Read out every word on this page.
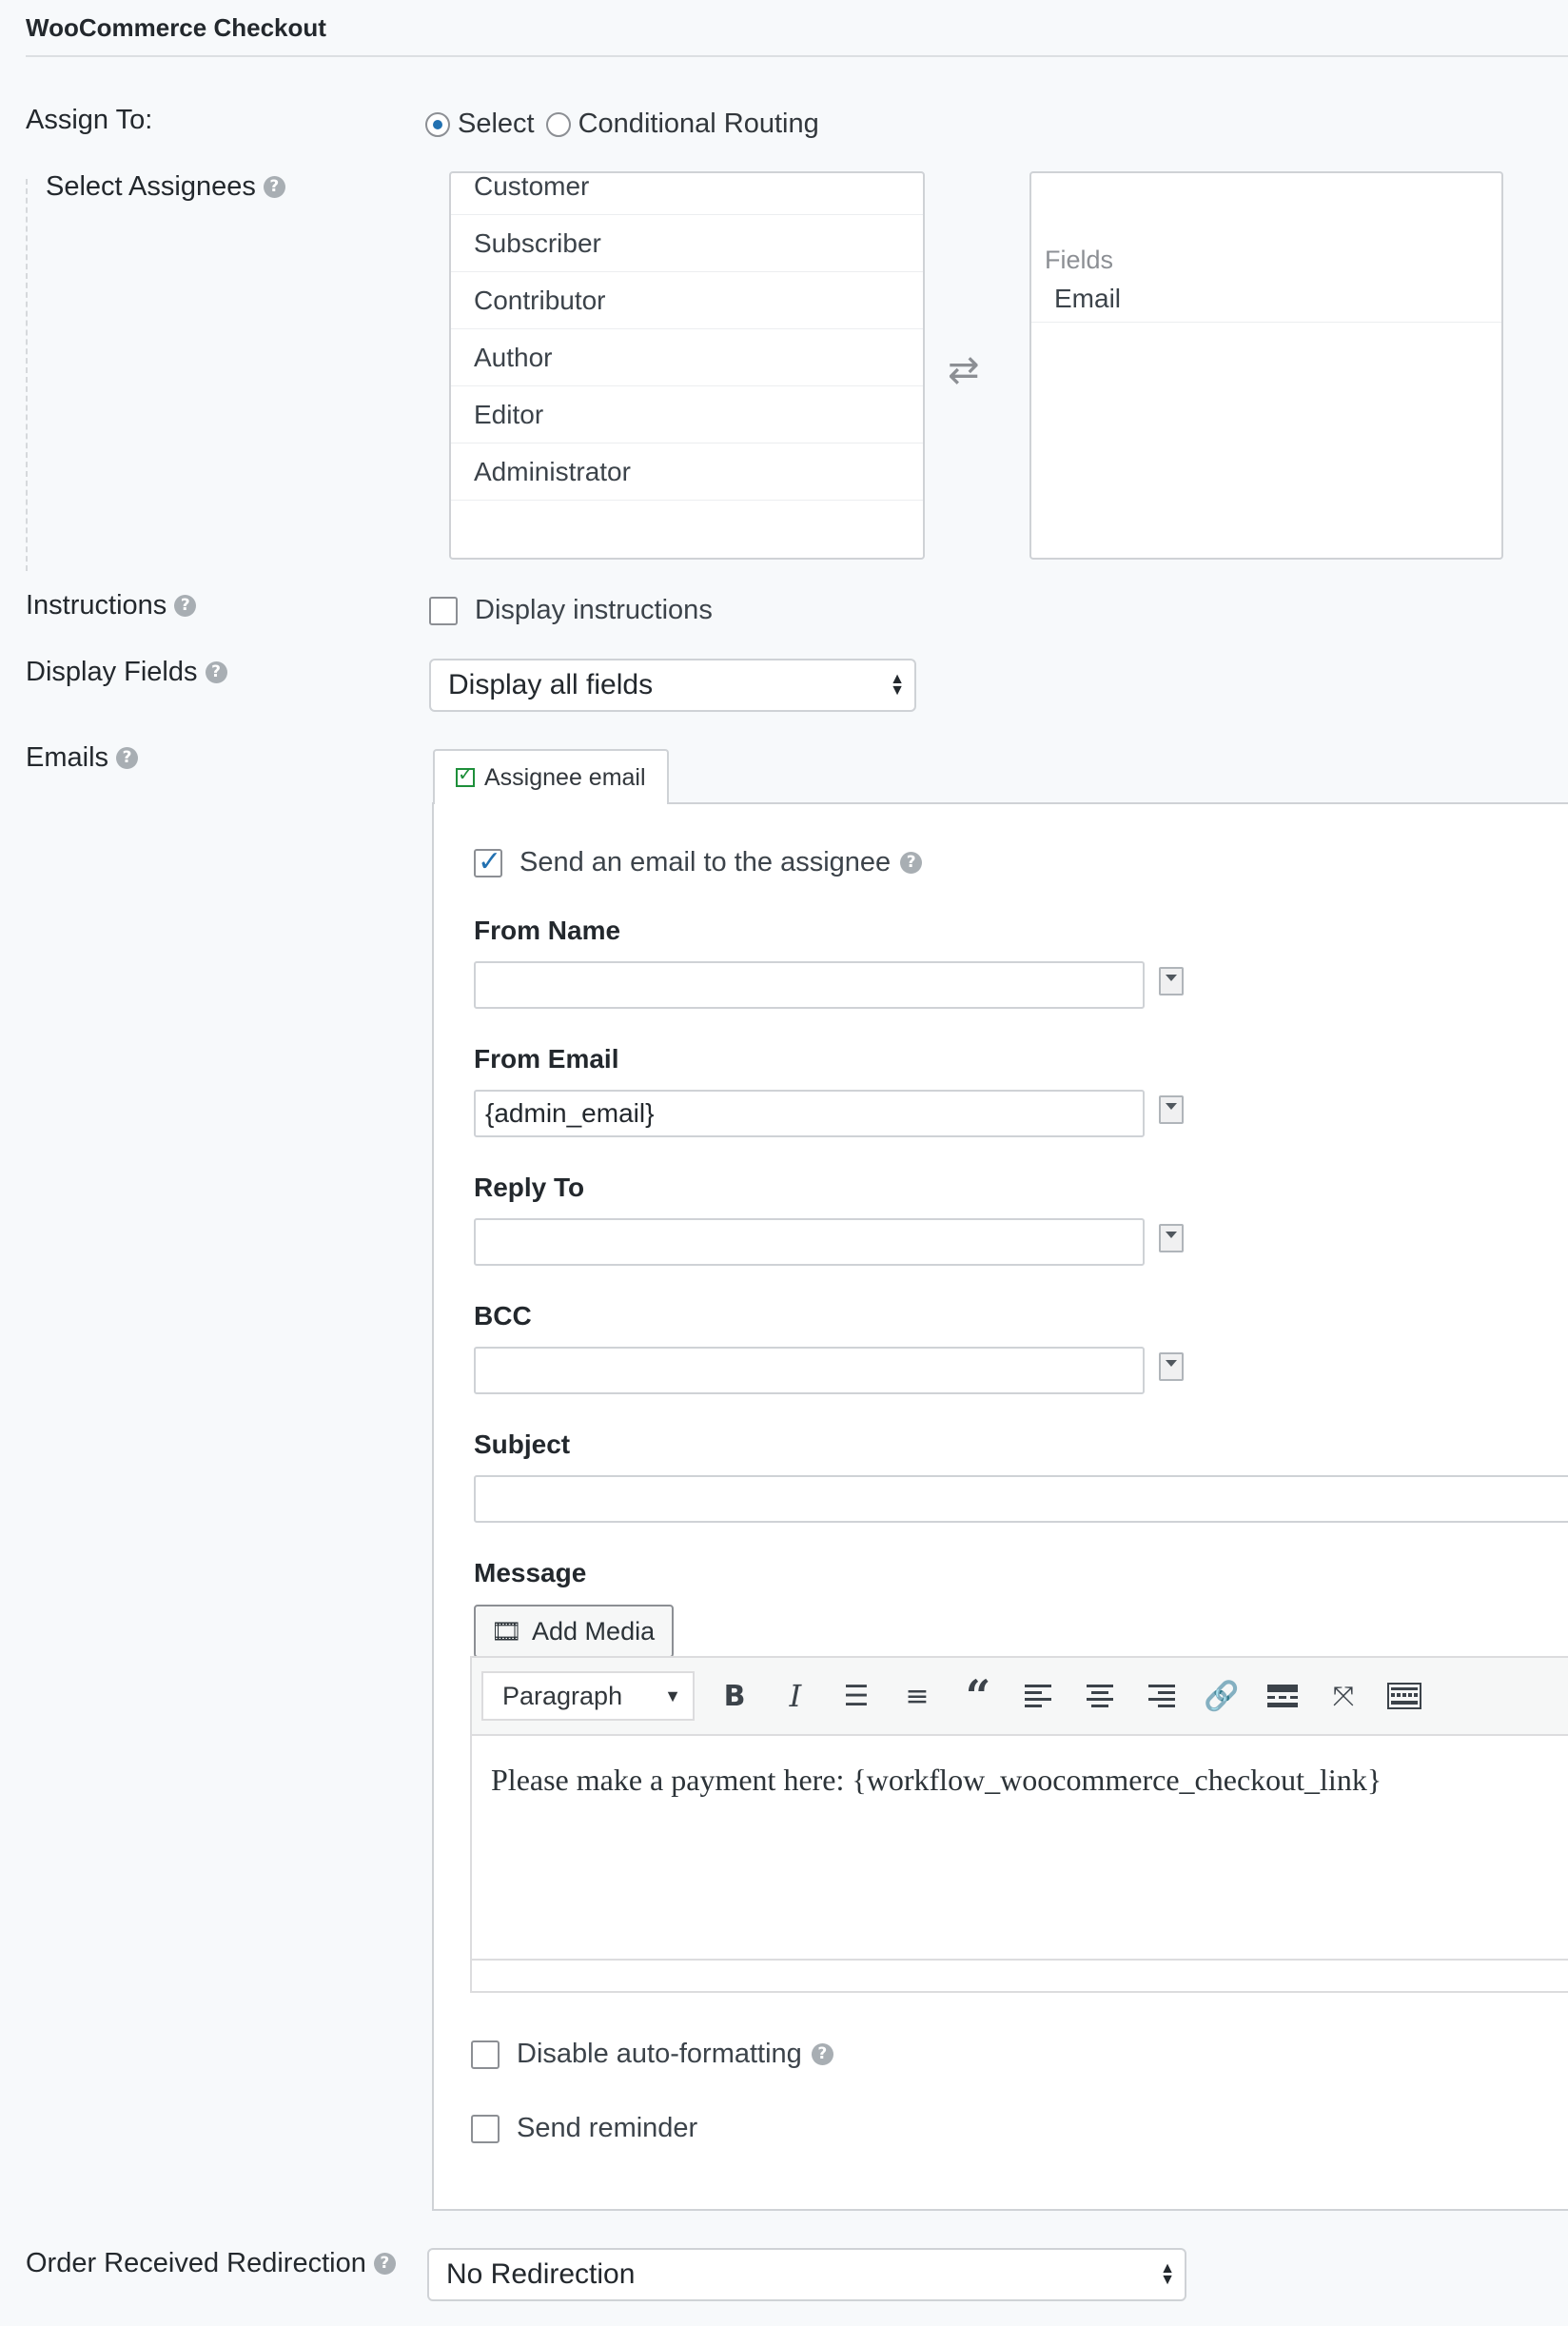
WooCommerce Checkout
Assign To:	Select Conditional Routing
Select Assignees ?	Customer
Subscriber
Contributor
Author
Editor
Administrator
⇄
Fields
Email
Instructions ?	Display instructions
Display Fields ?	Display all fields	▲
▼
Emails ?
✓
Assignee email
✓
Send an email to the assignee ?
From Name
From Email
{admin_email}
Reply To
BCC
Subject
Message
🎞 Add Media
Paragraph ▼ B	I	☰ ≡ “	🔗	⤧
Please make a payment here: {workflow_woocommerce_checkout_link}
Disable auto-formatting ?
Send reminder
Order Received Redirection ? No Redirection	▲
▼
